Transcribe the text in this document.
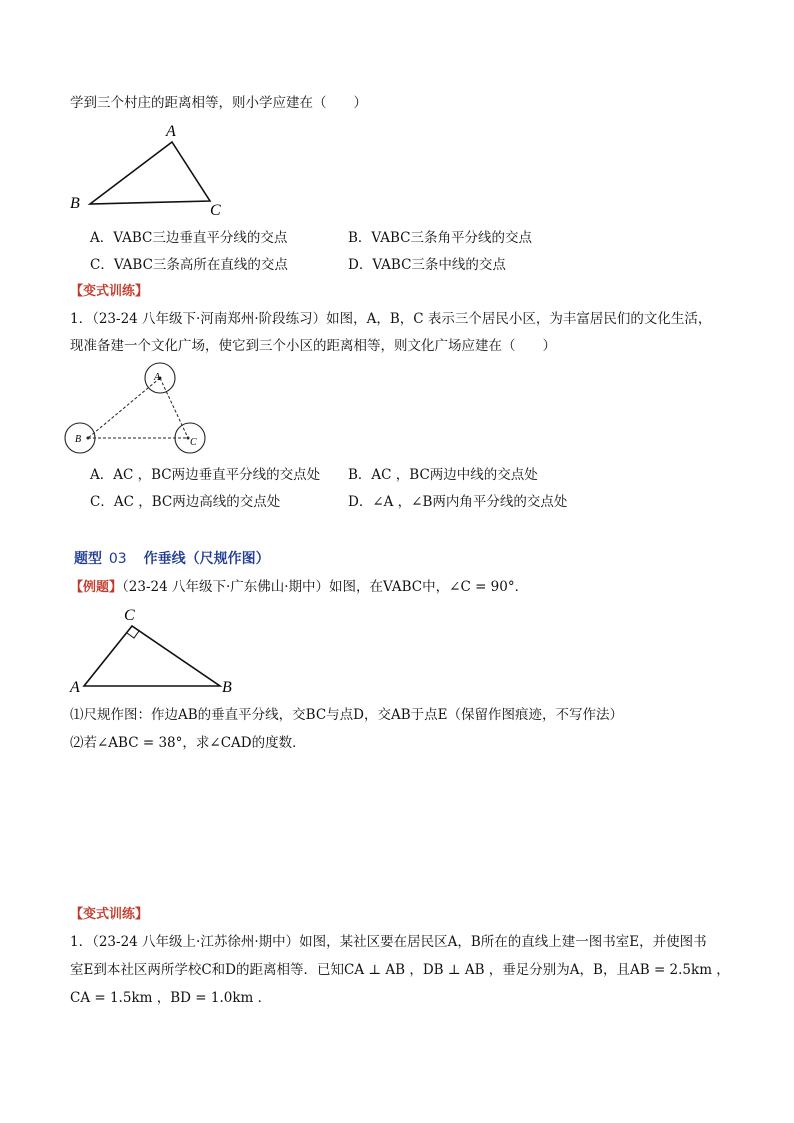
学到三个村庄的距离相等，则小学应建在（　　）
A
B	C
A．VABC三边垂直平分线的交点	B．VABC三条角平分线的交点
C．VABC三条高所在直线的交点	D．VABC三条中线的交点
【变式训练】
1．（23-24 八年级下·河南郑州·阶段练习）如图，A，B，C 表示三个居民小区，为丰富居民们的文化生活，
现准备建一个文化广场，使它到三个小区的距离相等，则文化广场应建在（　　）
A
B	C
A．AC ，BC两边垂直平分线的交点处 B．AC ，BC两边中线的交点处
C．AC ，BC两边高线的交点处	D．∠A ，∠B两内角平分线的交点处
题型 03 作垂线（尺规作图）
【例题】（23-24 八年级下·广东佛山·期中）如图，在VABC中，∠C = 90°．
C
A	B
⑴尺规作图：作边AB的垂直平分线，交BC与点D，交AB于点E（保留作图痕迹，不写作法）
⑵若∠ABC = 38°，求∠CAD的度数．
【变式训练】
1．（23-24 八年级上·江苏徐州·期中）如图，某社区要在居民区A，B所在的直线上建一图书室E，并使图书
室E到本社区两所学校C和D的距离相等．已知CA ⊥ AB ，DB ⊥ AB ，垂足分别为A，B，且AB = 2.5km ，
CA = 1.5km ，BD = 1.0km ．
